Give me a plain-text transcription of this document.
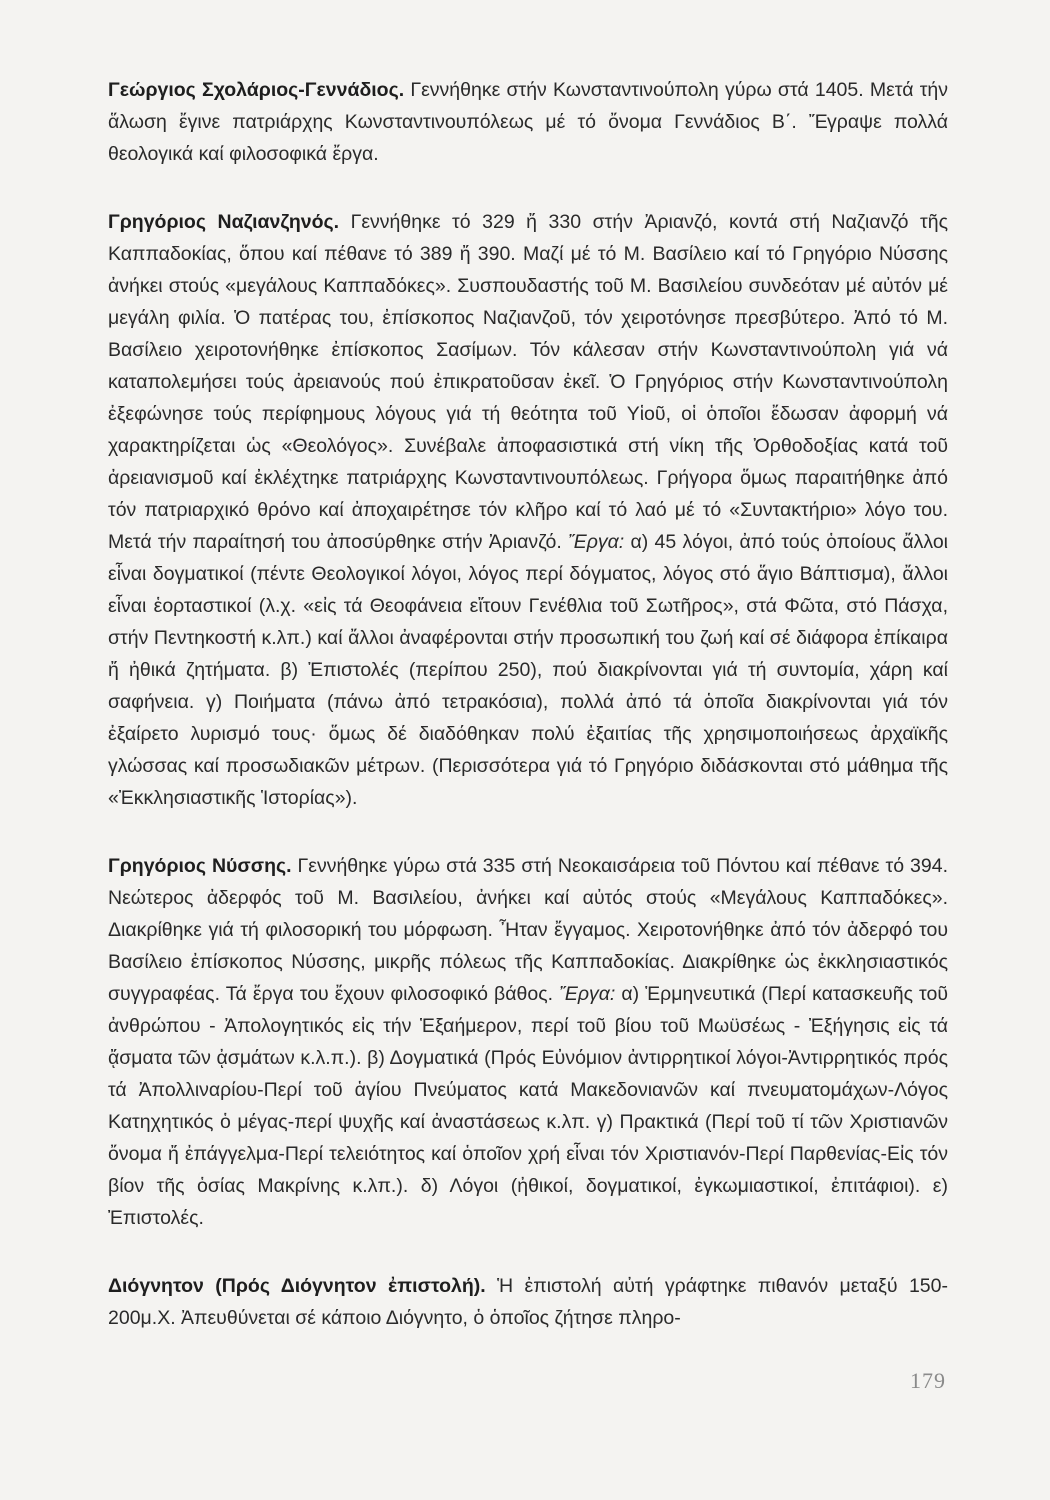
Γεώργιος Σχολάριος-Γεννάδιος. Γεννήθηκε στήν Κωνσταντινούπολη γύρω στά 1405. Μετά τήν ἅλωση ἔγινε πατριάρχης Κωνσταντινουπόλεως μέ τό ὄνομα Γεννάδιος Β΄. Ἔγραψε πολλά θεολογικά καί φιλοσοφικά ἔργα.

Γρηγόριος Ναζιανζηνός. Γεννήθηκε τό 329 ἤ 330 στήν Ἀριανζό, κοντά στή Ναζιανζό τῆς Καππαδοκίας, ὅπου καί πέθανε τό 389 ἤ 390. Μαζί μέ τό Μ. Βασίλειο καί τό Γρηγόριο Νύσσης ἀνήκει στούς «μεγάλους Καππαδόκες». Συσπουδαστής τοῦ Μ. Βασιλείου συνδεόταν μέ αὐτόν μέ μεγάλη φιλία. Ὁ πατέρας του, ἐπίσκοπος Ναζιανζοῦ, τόν χειροτόνησε πρεσβύτερο. Ἀπό τό Μ. Βασίλειο χειροτονήθηκε ἐπίσκοπος Σασίμων. Τόν κάλεσαν στήν Κωνσταντινούπολη γιά νά καταπολεμήσει τούς ἀρειανούς πού ἐπικρατοῦσαν ἐκεῖ. Ὁ Γρηγόριος στήν Κωνσταντινούπολη ἐξεφώνησε τούς περίφημους λόγους γιά τή θεότητα τοῦ Υἱοῦ, οἱ ὁποῖοι ἔδωσαν ἀφορμή νά χαρακτηρίζεται ὡς «Θεολόγος». Συνέβαλε ἀποφασιστικά στή νίκη τῆς Ὀρθοδοξίας κατά τοῦ ἀρειανισμοῦ καί ἐκλέχτηκε πατριάρχης Κωνσταντινουπόλεως. Γρήγορα ὅμως παραιτήθηκε ἀπό τόν πατριαρχικό θρόνο καί ἀποχαιρέτησε τόν κλῆρο καί τό λαό μέ τό «Συντακτήριο» λόγο του. Μετά τήν παραίτησή του ἀποσύρθηκε στήν Ἀριανζό. Ἔργα: α) 45 λόγοι, ἀπό τούς ὁποίους ἄλλοι εἶναι δογματικοί (πέντε Θεολογικοί λόγοι, λόγος περί δόγματος, λόγος στό ἅγιο Βάπτισμα), ἄλλοι εἶναι ἑορταστικοί (λ.χ. «εἰς τά Θεοφάνεια εἴτουν Γενέθλια τοῦ Σωτῆρος», στά Φῶτα, στό Πάσχα, στήν Πεντηκοστή κ.λπ.) καί ἄλλοι ἀναφέρονται στήν προσωπική του ζωή καί σέ διάφορα ἐπίκαιρα ἤ ἠθικά ζητήματα. β) Ἐπιστολές (περίπου 250), πού διακρίνονται γιά τή συντομία, χάρη καί σαφήνεια. γ) Ποιήματα (πάνω ἀπό τετρακόσια), πολλά ἀπό τά ὁποῖα διακρίνονται γιά τόν ἐξαίρετο λυρισμό τους· ὅμως δέ διαδόθηκαν πολύ ἐξαιτίας τῆς χρησιμοποιήσεως ἀρχαϊκῆς γλώσσας καί προσωδιακῶν μέτρων. (Περισσότερα γιά τό Γρηγόριο διδάσκονται στό μάθημα τῆς «Ἐκκλησιαστικῆς Ἱστορίας»).

Γρηγόριος Νύσσης. Γεννήθηκε γύρω στά 335 στή Νεοκαισάρεια τοῦ Πόντου καί πέθανε τό 394. Νεώτερος ἀδερφός τοῦ Μ. Βασιλείου, ἀνήκει καί αὐτός στούς «Μεγάλους Καππαδόκες». Διακρίθηκε γιά τή φιλοσορική του μόρφωση. Ἦταν ἔγγαμος. Χειροτονήθηκε ἀπό τόν ἀδερφό του Βασίλειο ἐπίσκοπος Νύσσης, μικρῆς πόλεως τῆς Καππαδοκίας. Διακρίθηκε ὡς ἐκκλησιαστικός συγγραφέας. Τά ἔργα του ἔχουν φιλοσοφικό βάθος. Ἔργα: α) Ἑρμηνευτικά (Περί κατασκευῆς τοῦ ἀνθρώπου - Ἀπολογητικός εἰς τήν Ἑξαήμερον, περί τοῦ βίου τοῦ Μωϋσέως - Ἐξήγησις εἰς τά ᾄσματα τῶν ᾀσμάτων κ.λ.π.). β) Δογματικά (Πρός Εὐνόμιον ἀντιρρητικοί λόγοι-Ἀντιρρητικός πρός τά Ἀπολλιναρίου-Περί τοῦ ἁγίου Πνεύματος κατά Μακεδονιανῶν καί πνευματομάχων-Λόγος Κατηχητικός ὁ μέγας-περί ψυχῆς καί ἀναστάσεως κ.λπ. γ) Πρακτικά (Περί τοῦ τί τῶν Χριστιανῶν ὄνομα ἤ ἐπάγγελμα-Περί τελειότητος καί ὁποῖον χρή εἶναι τόν Χριστιανόν-Περί Παρθενίας-Εἰς τόν βίον τῆς ὁσίας Μακρίνης κ.λπ.). δ) Λόγοι (ἠθικοί, δογματικοί, ἐγκωμιαστικοί, ἐπιτάφιοι). ε) Ἐπιστολές.

Διόγνητον (Πρός Διόγνητον ἐπιστολή). Ἡ ἐπιστολή αὐτή γράφτηκε πιθανόν μεταξύ 150-200μ.Χ. Ἀπευθύνεται σέ κάποιο Διόγνητο, ὁ ὁποῖος ζήτησε πληρο-

179
